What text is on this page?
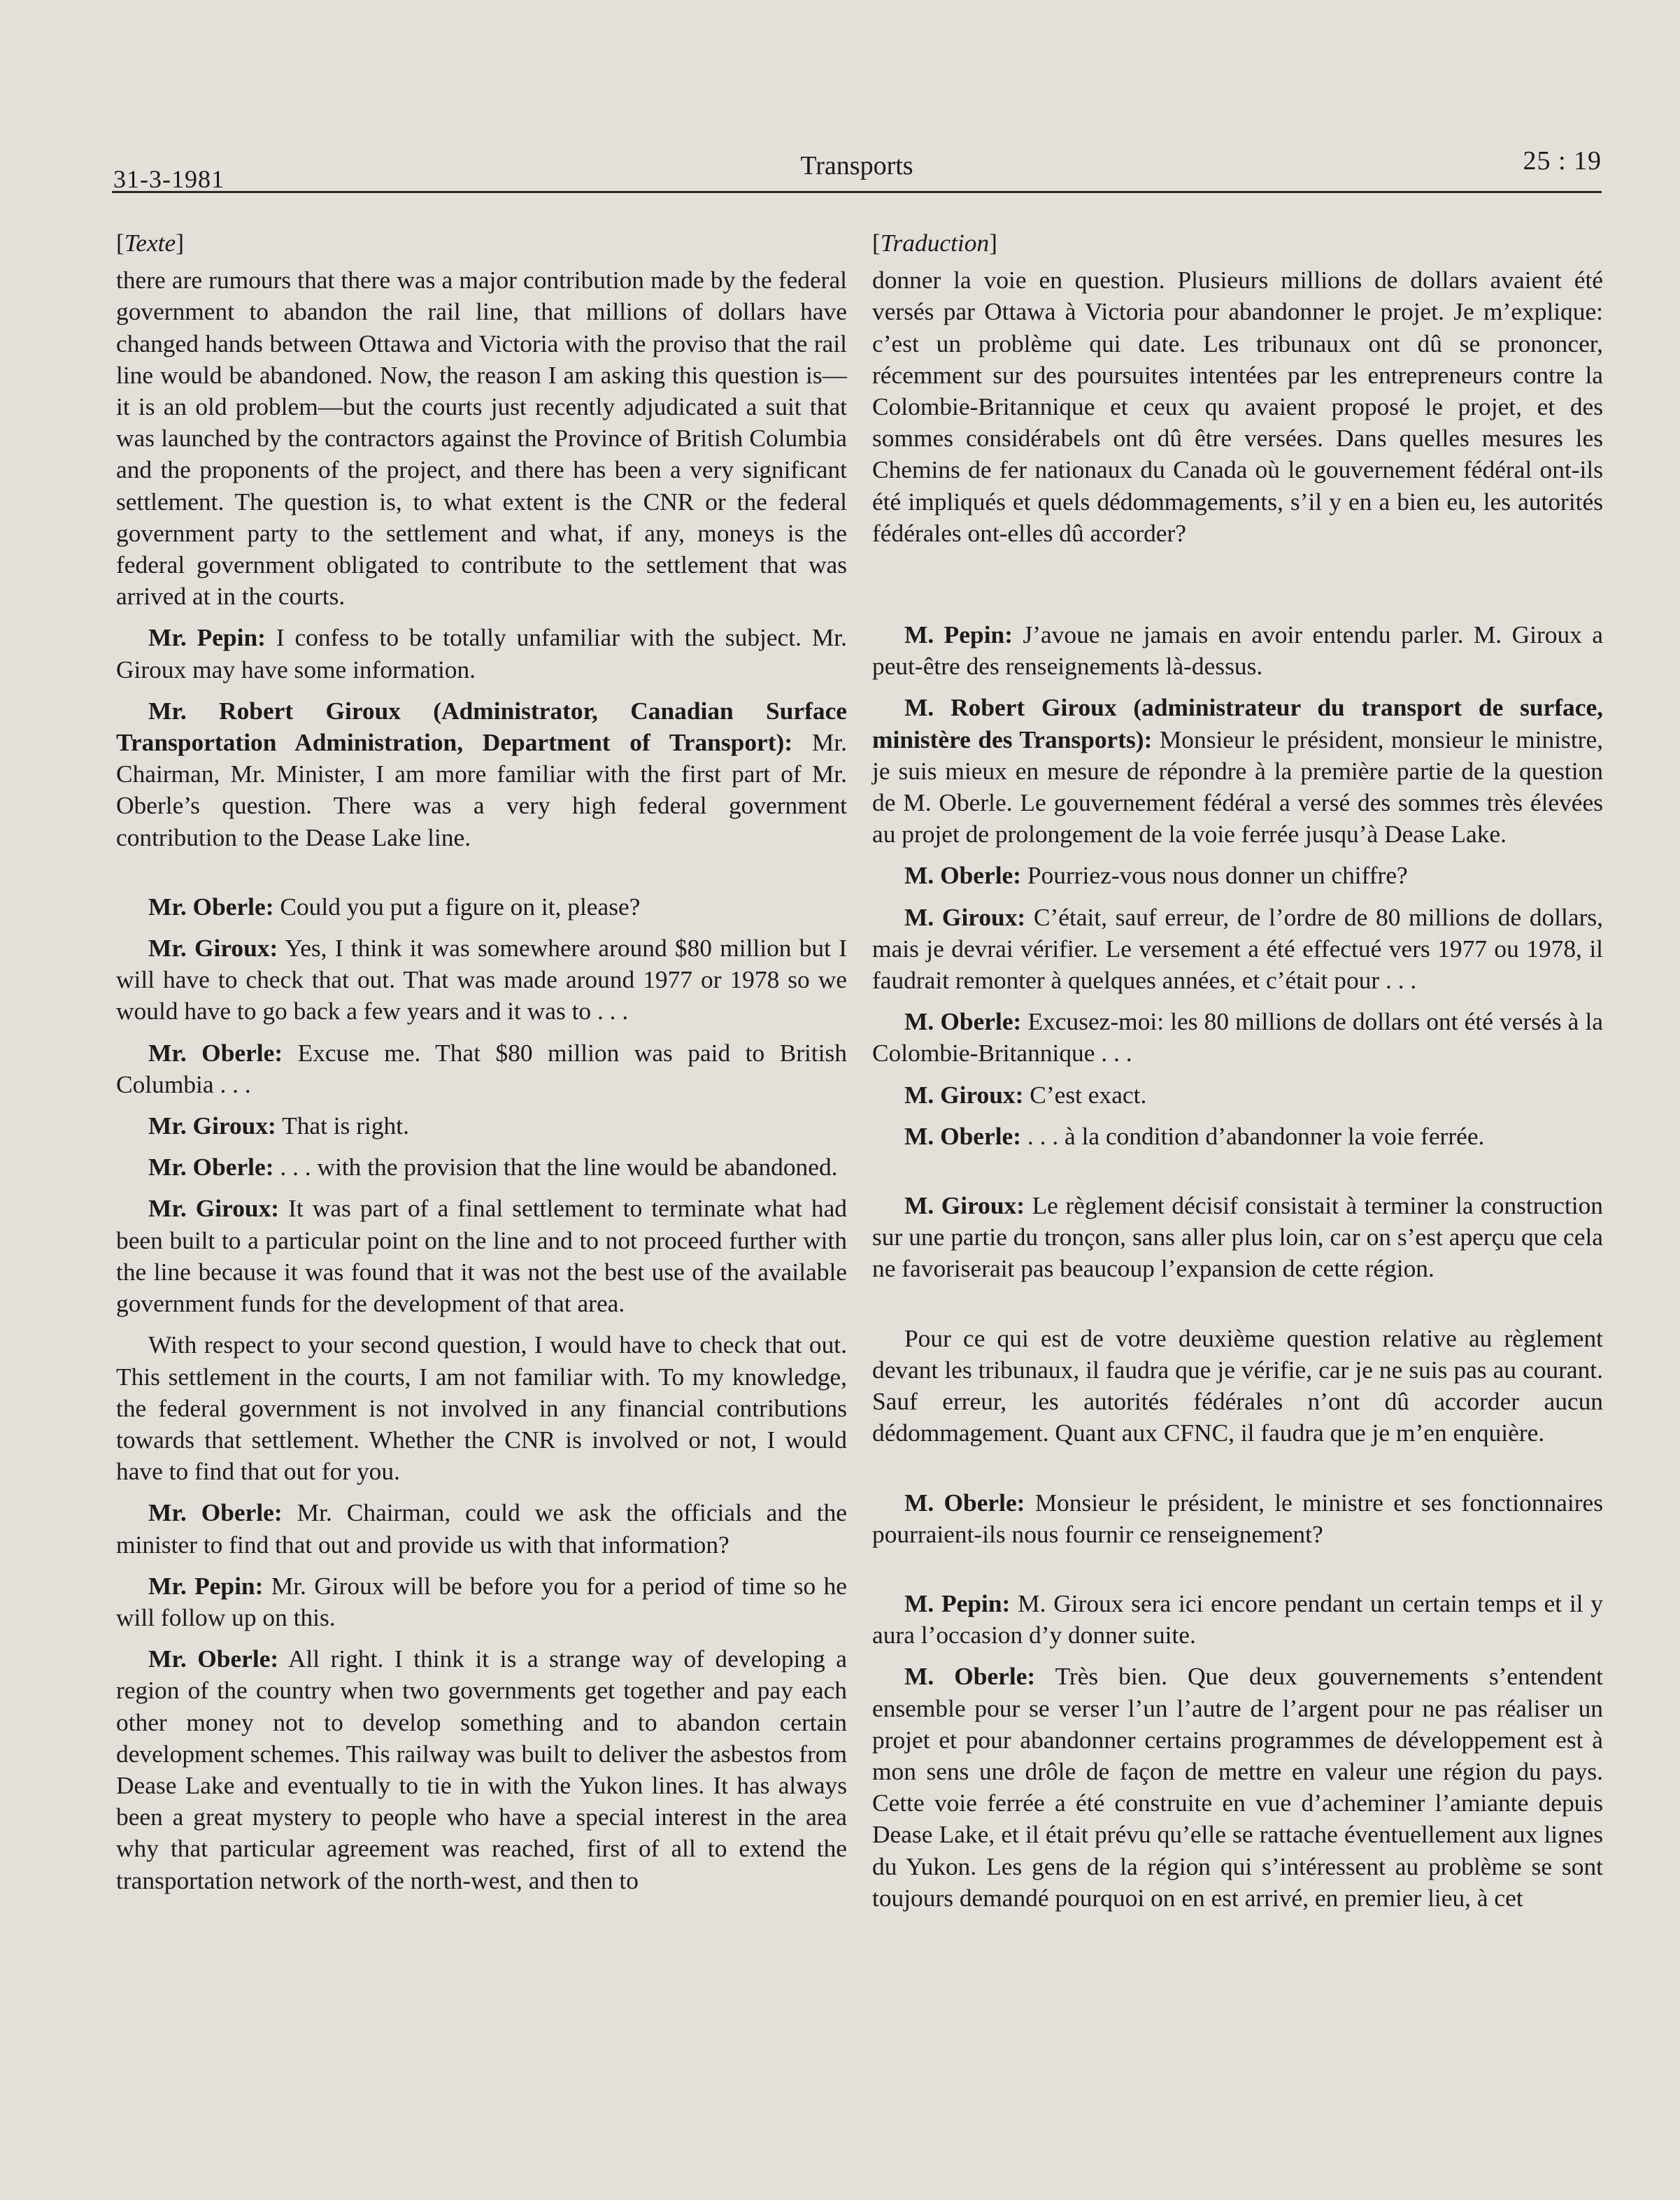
31-3-1981	Transports	25 : 19

[Texte]

there are rumours that there was a major contribution made by the federal government to abandon the rail line, that millions of dollars have changed hands between Ottawa and Victoria with the proviso that the rail line would be abandoned. Now, the reason I am asking this question is—it is an old problem—but the courts just recently adjudicated a suit that was launched by the contractors against the Province of British Columbia and the proponents of the project, and there has been a very significant settlement. The question is, to what extent is the CNR or the federal government party to the settlement and what, if any, moneys is the federal government obligated to contribute to the settlement that was arrived at in the courts.

Mr. Pepin: I confess to be totally unfamiliar with the subject. Mr. Giroux may have some information.

Mr. Robert Giroux (Administrator, Canadian Surface Transportation Administration, Department of Transport): Mr. Chairman, Mr. Minister, I am more familiar with the first part of Mr. Oberle’s question. There was a very high federal government contribution to the Dease Lake line.

Mr. Oberle: Could you put a figure on it, please?

Mr. Giroux: Yes, I think it was somewhere around $80 million but I will have to check that out. That was made around 1977 or 1978 so we would have to go back a few years and it was to . . .

Mr. Oberle: Excuse me. That $80 million was paid to British Columbia . . .

Mr. Giroux: That is right.

Mr. Oberle: . . . with the provision that the line would be abandoned.

Mr. Giroux: It was part of a final settlement to terminate what had been built to a particular point on the line and to not proceed further with the line because it was found that it was not the best use of the available government funds for the development of that area.

With respect to your second question, I would have to check that out. This settlement in the courts, I am not familiar with. To my knowledge, the federal government is not involved in any financial contributions towards that settlement. Whether the CNR is involved or not, I would have to find that out for you.

Mr. Oberle: Mr. Chairman, could we ask the officials and the minister to find that out and provide us with that information?

Mr. Pepin: Mr. Giroux will be before you for a period of time so he will follow up on this.

Mr. Oberle: All right. I think it is a strange way of developing a region of the country when two governments get together and pay each other money not to develop something and to abandon certain development schemes. This railway was built to deliver the asbestos from Dease Lake and eventually to tie in with the Yukon lines. It has always been a great mystery to people who have a special interest in the area why that particular agreement was reached, first of all to extend the transportation network of the north-west, and then to

[Traduction]

donner la voie en question. Plusieurs millions de dollars avaient été versés par Ottawa à Victoria pour abandonner le projet. Je m’explique: c’est un problème qui date. Les tribunaux ont dû se prononcer, récemment sur des poursuites intentées par les entrepreneurs contre la Colombie-Britannique et ceux qu avaient proposé le projet, et des sommes considérabels ont dû être versées. Dans quelles mesures les Chemins de fer nationaux du Canada où le gouvernement fédéral ont-ils été impliqués et quels dédommagements, s’il y en a bien eu, les autorités fédérales ont-elles dû accorder?

M. Pepin: J’avoue ne jamais en avoir entendu parler. M. Giroux a peut-être des renseignements là-dessus.

M. Robert Giroux (administrateur du transport de surface, ministère des Transports): Monsieur le président, monsieur le ministre, je suis mieux en mesure de répondre à la première partie de la question de M. Oberle. Le gouvernement fédéral a versé des sommes très élevées au projet de prolongement de la voie ferrée jusqu’à Dease Lake.

M. Oberle: Pourriez-vous nous donner un chiffre?

M. Giroux: C’était, sauf erreur, de l’ordre de 80 millions de dollars, mais je devrai vérifier. Le versement a été effectué vers 1977 ou 1978, il faudrait remonter à quelques années, et c’était pour . . .

M. Oberle: Excusez-moi: les 80 millions de dollars ont été versés à la Colombie-Britannique . . .

M. Giroux: C’est exact.

M. Oberle: . . . à la condition d’abandonner la voie ferrée.

M. Giroux: Le règlement décisif consistait à terminer la construction sur une partie du tronçon, sans aller plus loin, car on s’est aperçu que cela ne favoriserait pas beaucoup l’expansion de cette région.

Pour ce qui est de votre deuxième question relative au règlement devant les tribunaux, il faudra que je vérifie, car je ne suis pas au courant. Sauf erreur, les autorités fédérales n’ont dû accorder aucun dédommagement. Quant aux CFNC, il faudra que je m’en enquière.

M. Oberle: Monsieur le président, le ministre et ses fonctionnaires pourraient-ils nous fournir ce renseignement?

M. Pepin: M. Giroux sera ici encore pendant un certain temps et il y aura l’occasion d’y donner suite.

M. Oberle: Très bien. Que deux gouvernements s’entendent ensemble pour se verser l’un l’autre de l’argent pour ne pas réaliser un projet et pour abandonner certains programmes de développement est à mon sens une drôle de façon de mettre en valeur une région du pays. Cette voie ferrée a été construite en vue d’acheminer l’amiante depuis Dease Lake, et il était prévu qu’elle se rattache éventuellement aux lignes du Yukon. Les gens de la région qui s’intéressent au problème se sont toujours demandé pourquoi on en est arrivé, en premier lieu, à cet
